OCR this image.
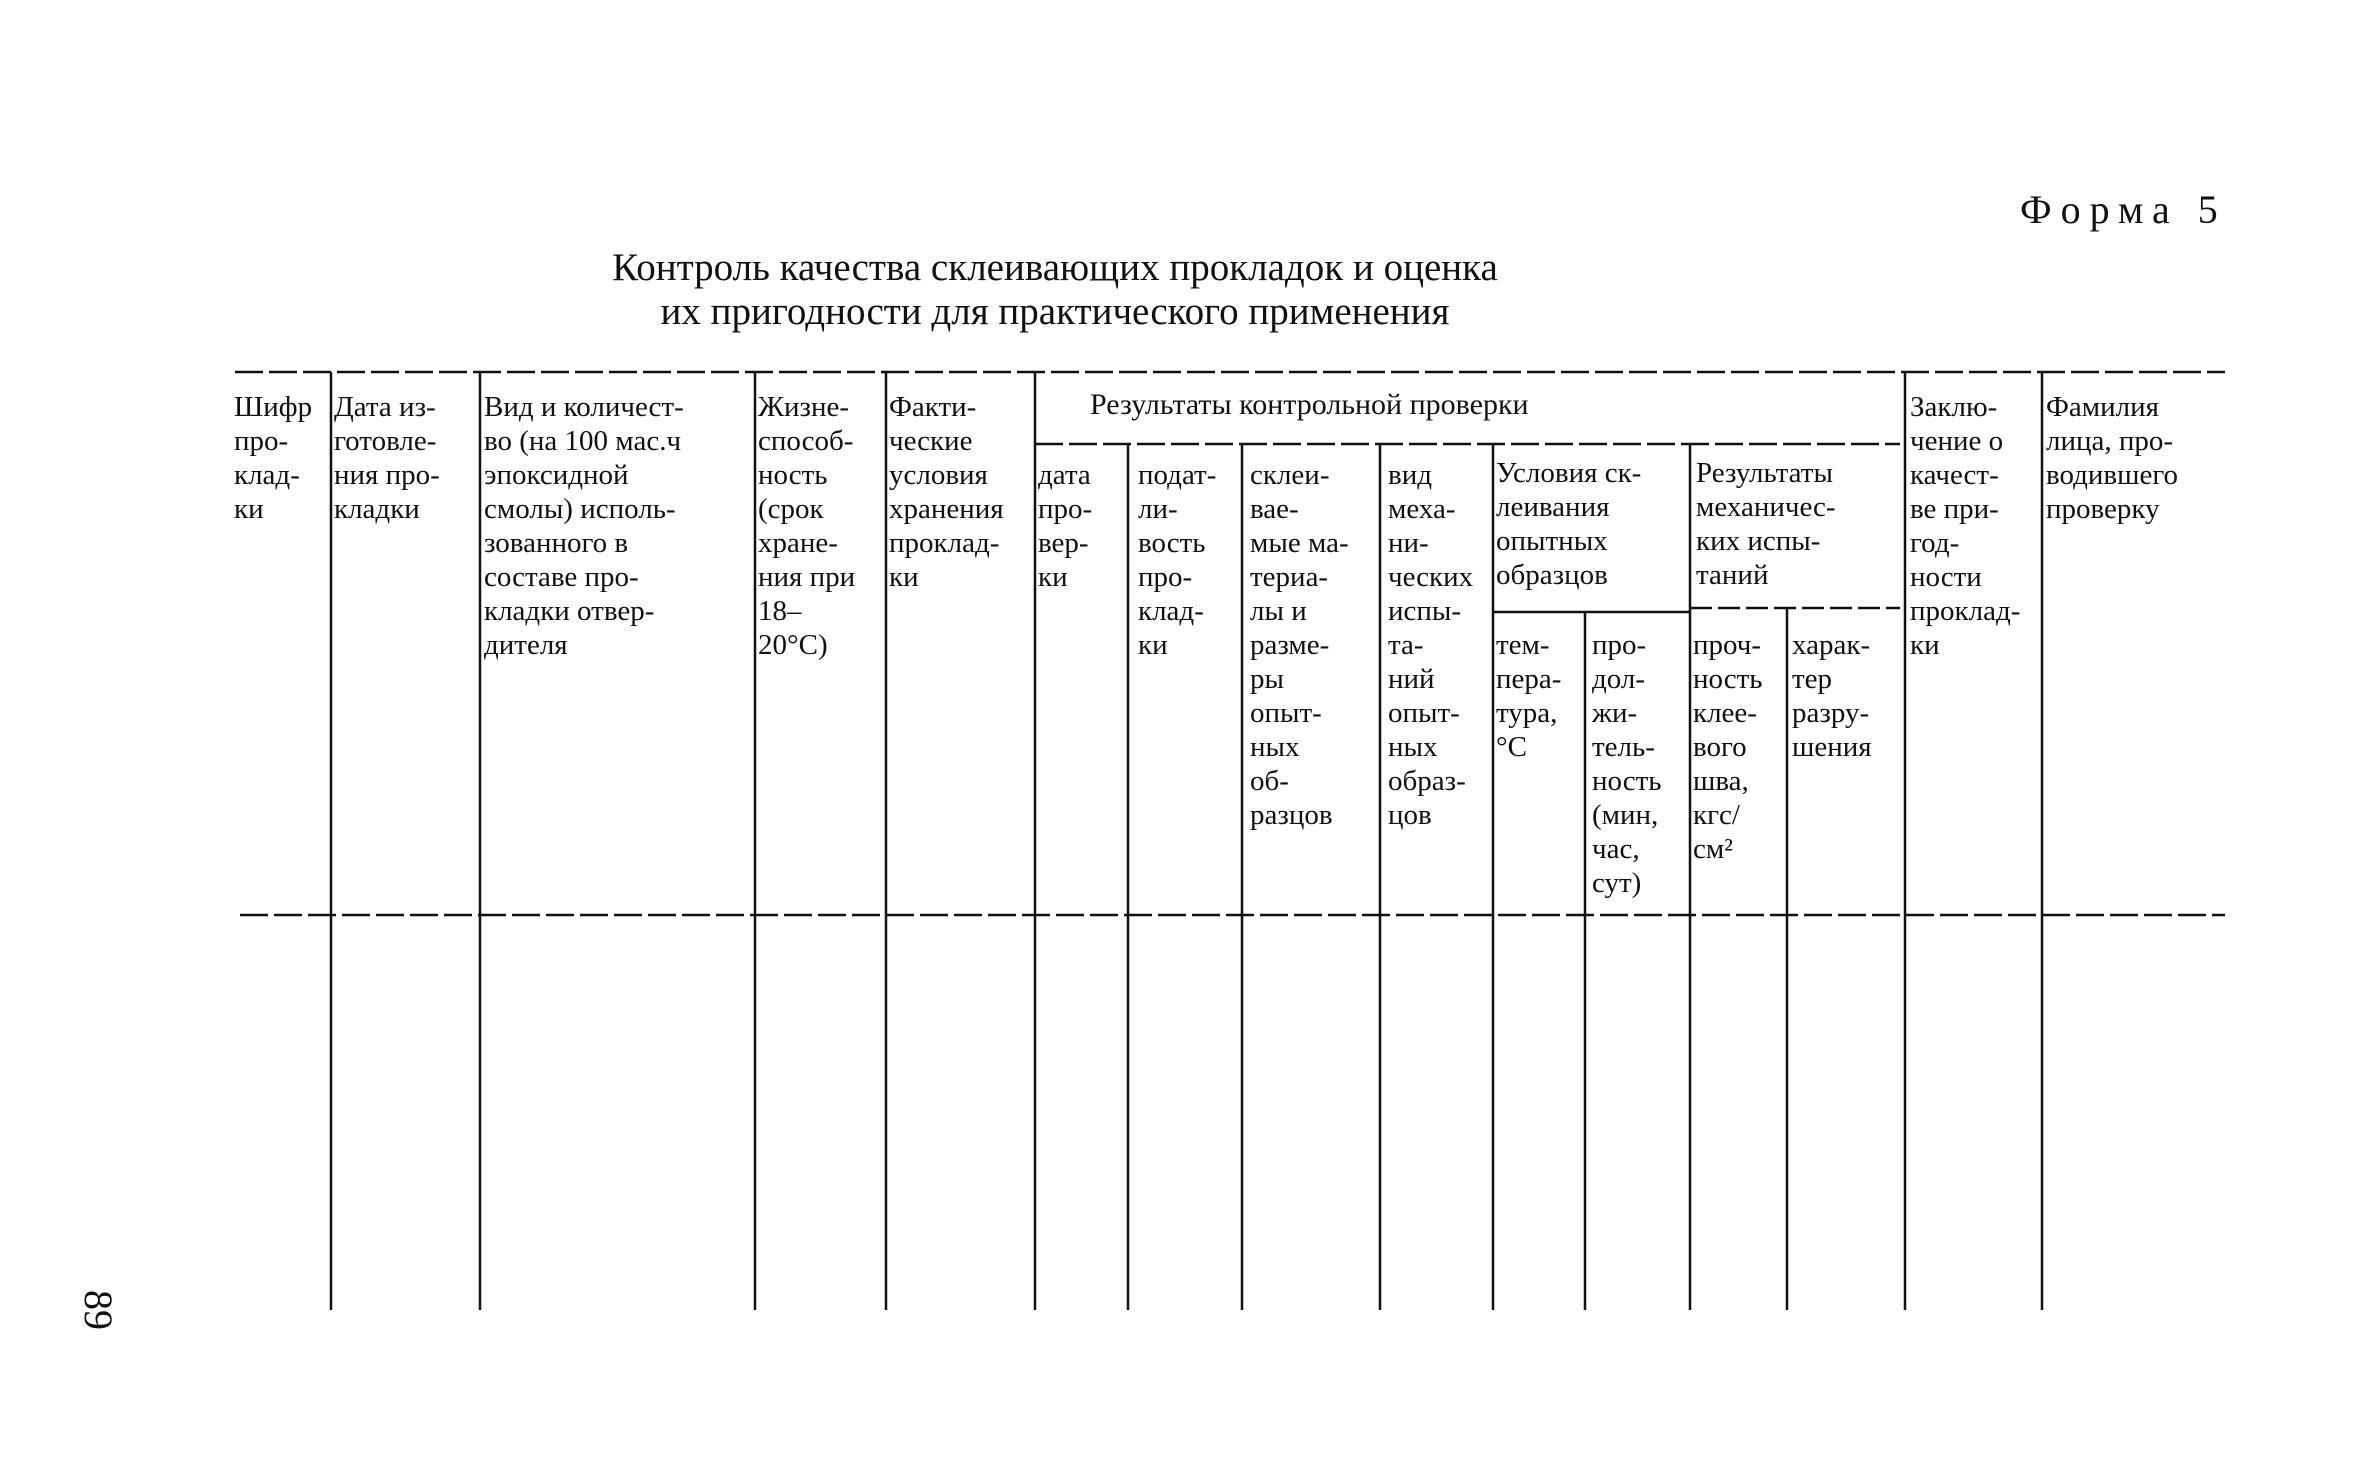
Форма 5
Контроль качества склеивающих прокладок и оценка
их пригодности для практического применения
Шифр
про-
клад-
ки
Дата из-
готовле-
ния про-
кладки
Вид и количест-
во (на 100 мас.ч
эпоксидной
смолы) исполь-
зованного в
составе про-
кладки отвер-
дителя
Жизне-
способ-
ность
(срок
хране-
ния при
18–
20°С)
Факти-
ческие
условия
хранения
проклад-
ки
Результаты контрольной проверки
дата
про-
вер-
ки
подат-
ли-
вость
про-
клад-
ки
склеи-
вае-
мые ма-
териа-
лы и
разме-
ры
опыт-
ных
об-
разцов
вид
меха-
ни-
ческих
испы-
та-
ний
опыт-
ных
образ-
цов
Условия ск-
леивания
опытных
образцов
Результаты
механичес-
ких испы-
таний
тем-
пера-
тура,
°С
про-
дол-
жи-
тель-
ность
(мин,
час,
сут)
проч-
ность
клее-
вого
шва,
кгс/
см²
харак-
тер
разру-
шения
Заклю-
чение о
качест-
ве при-
год-
ности
проклад-
ки
Фамилия
лица, про-
водившего
проверку
89
